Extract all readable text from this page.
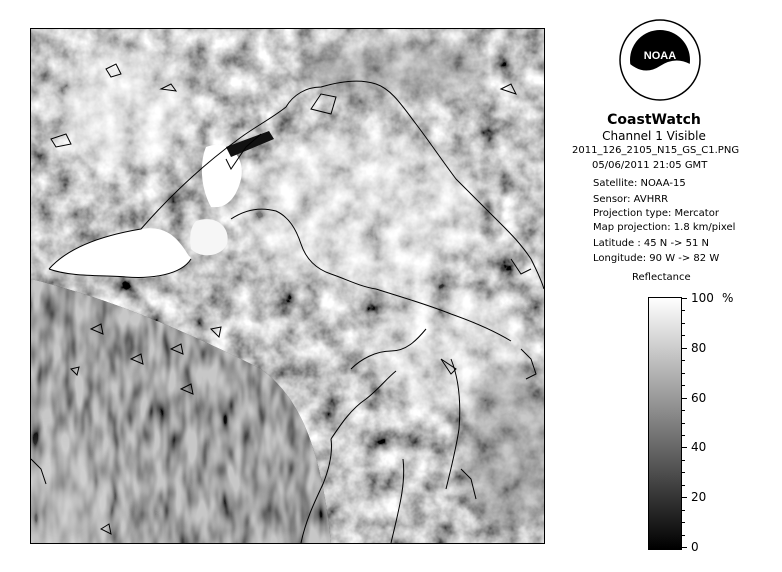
NOAA
CoastWatch
Channel 1 Visible
2011_126_2105_N15_GS_C1.PNG
05/06/2011 21:05 GMT
Satellite: NOAA-15
Sensor: AVHRR
Projection type: Mercator
Map projection: 1.8 km/pixel
Latitude : 45 N -> 51 N
Longitude: 90 W -> 82 W
Reflectance
%
0
20
40
60
80
100
